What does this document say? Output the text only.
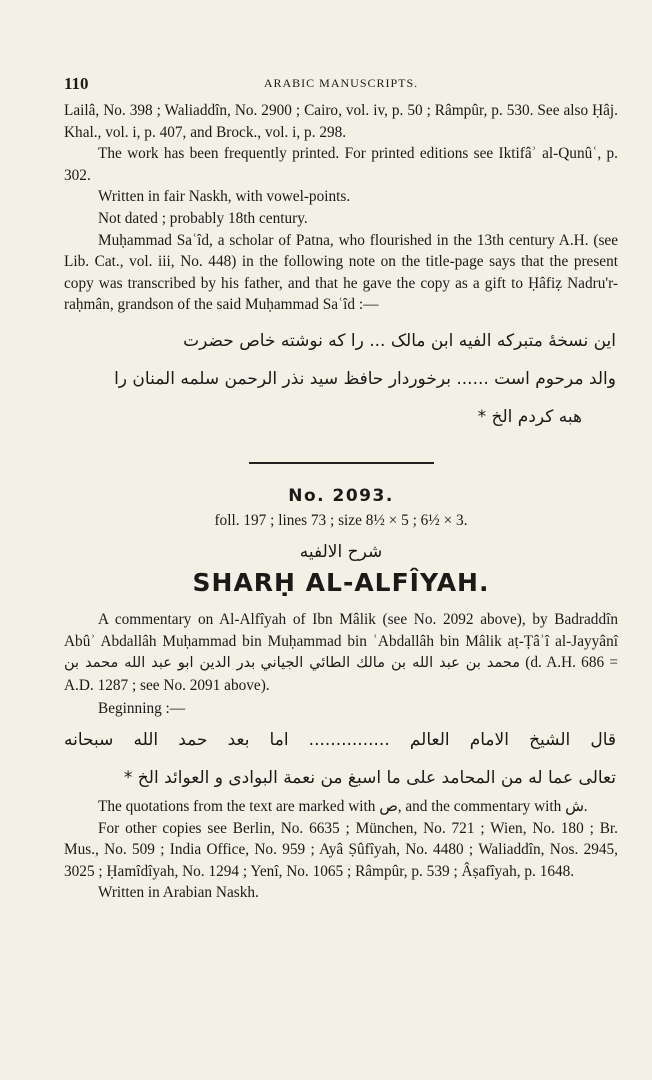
110	ARABIC MANUSCRIPTS.

Lailâ, No. 398 ; Waliaddîn, No. 2900 ; Cairo, vol. iv, p. 50 ; Râmpûr, p. 530. See also Ḥâj. Khal., vol. i, p. 407, and Brock., vol. i, p. 298.

The work has been frequently printed. For printed editions see Iktifâʾ al-Qunûʿ, p. 302.

Written in fair Naskh, with vowel-points.

Not dated ; probably 18th century.

Muḥammad Saʿîd, a scholar of Patna, who flourished in the 13th century A.H. (see Lib. Cat., vol. iii, No. 448) in the following note on the title-page says that the present copy was transcribed by his father, and that he gave the copy as a gift to Ḥâfiẓ Nadru'r-raḥmân, grandson of the said Muḥammad Saʿîd :—

این نسخهٔ متبرکه الفیه ابن مالک ... را که نوشته خاص حضرت
والد مرحوم است ...... برخوردار حافظ سید نذر الرحمن سلمه المنان را
هبه کردم الخ *
No. 2093.
foll. 197 ; lines 73 ; size 8½ × 5 ; 6½ × 3.
شرح الالفيه
SHARḤ AL-ALFÎYAH.

A commentary on Al-Alfîyah of Ibn Mâlik (see No. 2092 above), by Badraddîn Abûʾ Abdallâh Muḥammad bin Muḥammad bin ʿAbdallâh bin Mâlik aṭ-Ṭâʾî al-Jayyânî بدر الدين ابو عبد الله محمد بن محمد بن عبد الله بن مالك الطائي الجياني (d. A.H. 686 = A.D. 1287 ; see No. 2091 above).

Beginning :—

قال الشيخ الامام العالم ............... اما بعد حمد الله سبحانه
تعالى عما له من المحامد على ما اسبغ من نعمة البوادى و العوائد الخ *

The quotations from the text are marked with ص, and the commentary with ش.

For other copies see Berlin, No. 6635 ; München, No. 721 ; Wien, No. 180 ; Br. Mus., No. 509 ; India Office, No. 959 ; Ayâ Ṣûfîyah, No. 4480 ; Waliaddîn, Nos. 2945, 3025 ; Ḥamîdîyah, No. 1294 ; Yenî, No. 1065 ; Râmpûr, p. 539 ; Âṣafîyah, p. 1648.

Written in Arabian Naskh.
